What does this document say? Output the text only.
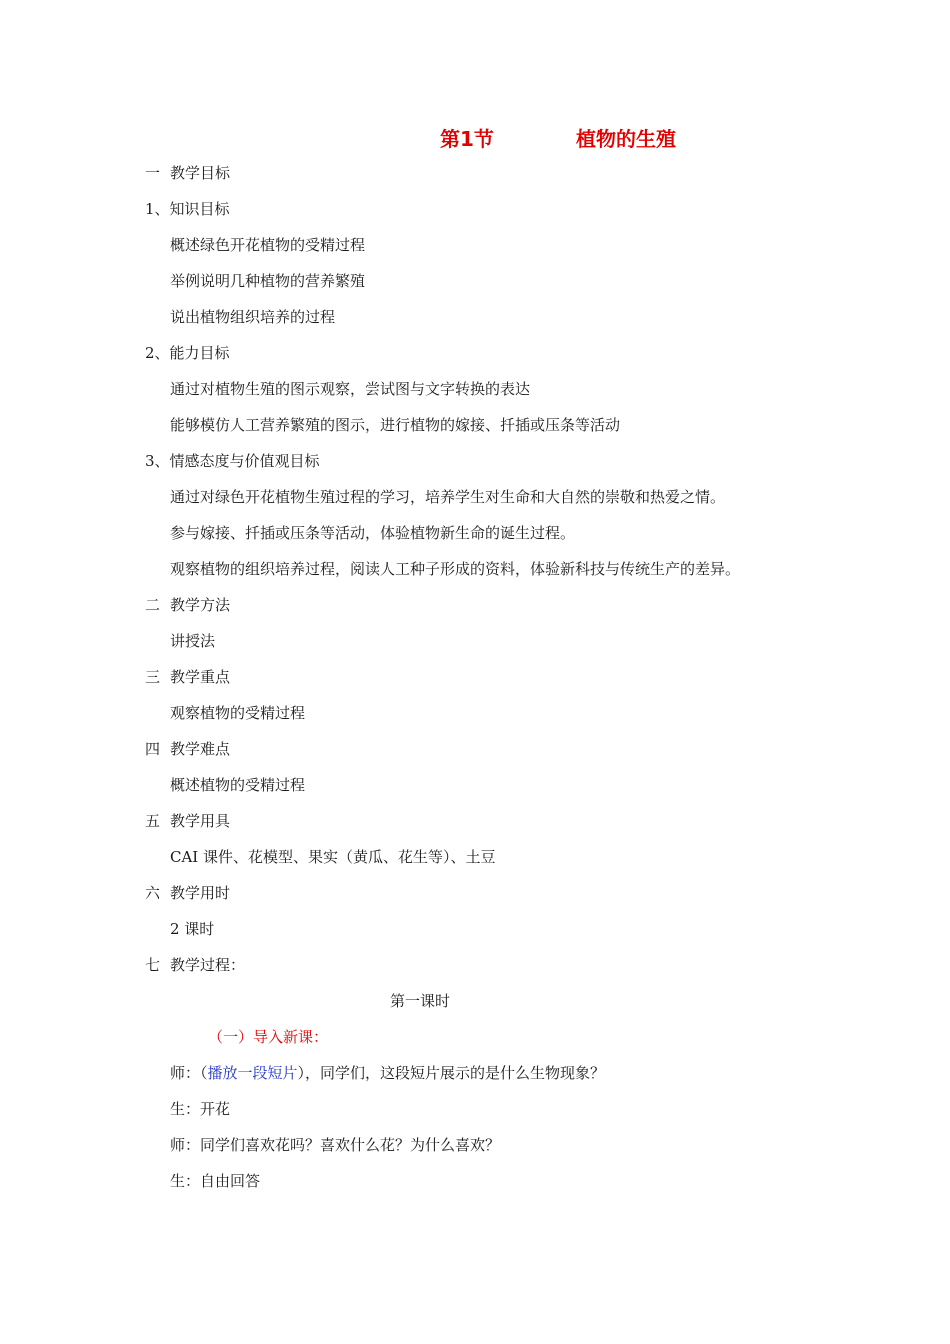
第1节	植物的生殖
一 教学目标
1、知识目标
概述绿色开花植物的受精过程
举例说明几种植物的营养繁殖
说出植物组织培养的过程
2、能力目标
通过对植物生殖的图示观察，尝试图与文字转换的表达
能够模仿人工营养繁殖的图示，进行植物的嫁接、扦插或压条等活动
3、情感态度与价值观目标
通过对绿色开花植物生殖过程的学习，培养学生对生命和大自然的崇敬和热爱之情。
参与嫁接、扦插或压条等活动，体验植物新生命的诞生过程。
观察植物的组织培养过程，阅读人工种子形成的资料，体验新科技与传统生产的差异。
二 教学方法
讲授法
三 教学重点
观察植物的受精过程
四 教学难点
概述植物的受精过程
五 教学用具
CAI 课件、花模型、果实（黄瓜、花生等）、土豆
六 教学用时
2 课时
七 教学过程：
第一课时
（一）导入新课：
师：（播放一段短片），同学们，这段短片展示的是什么生物现象？
生：开花
师：同学们喜欢花吗？喜欢什么花？为什么喜欢？
生：自由回答
